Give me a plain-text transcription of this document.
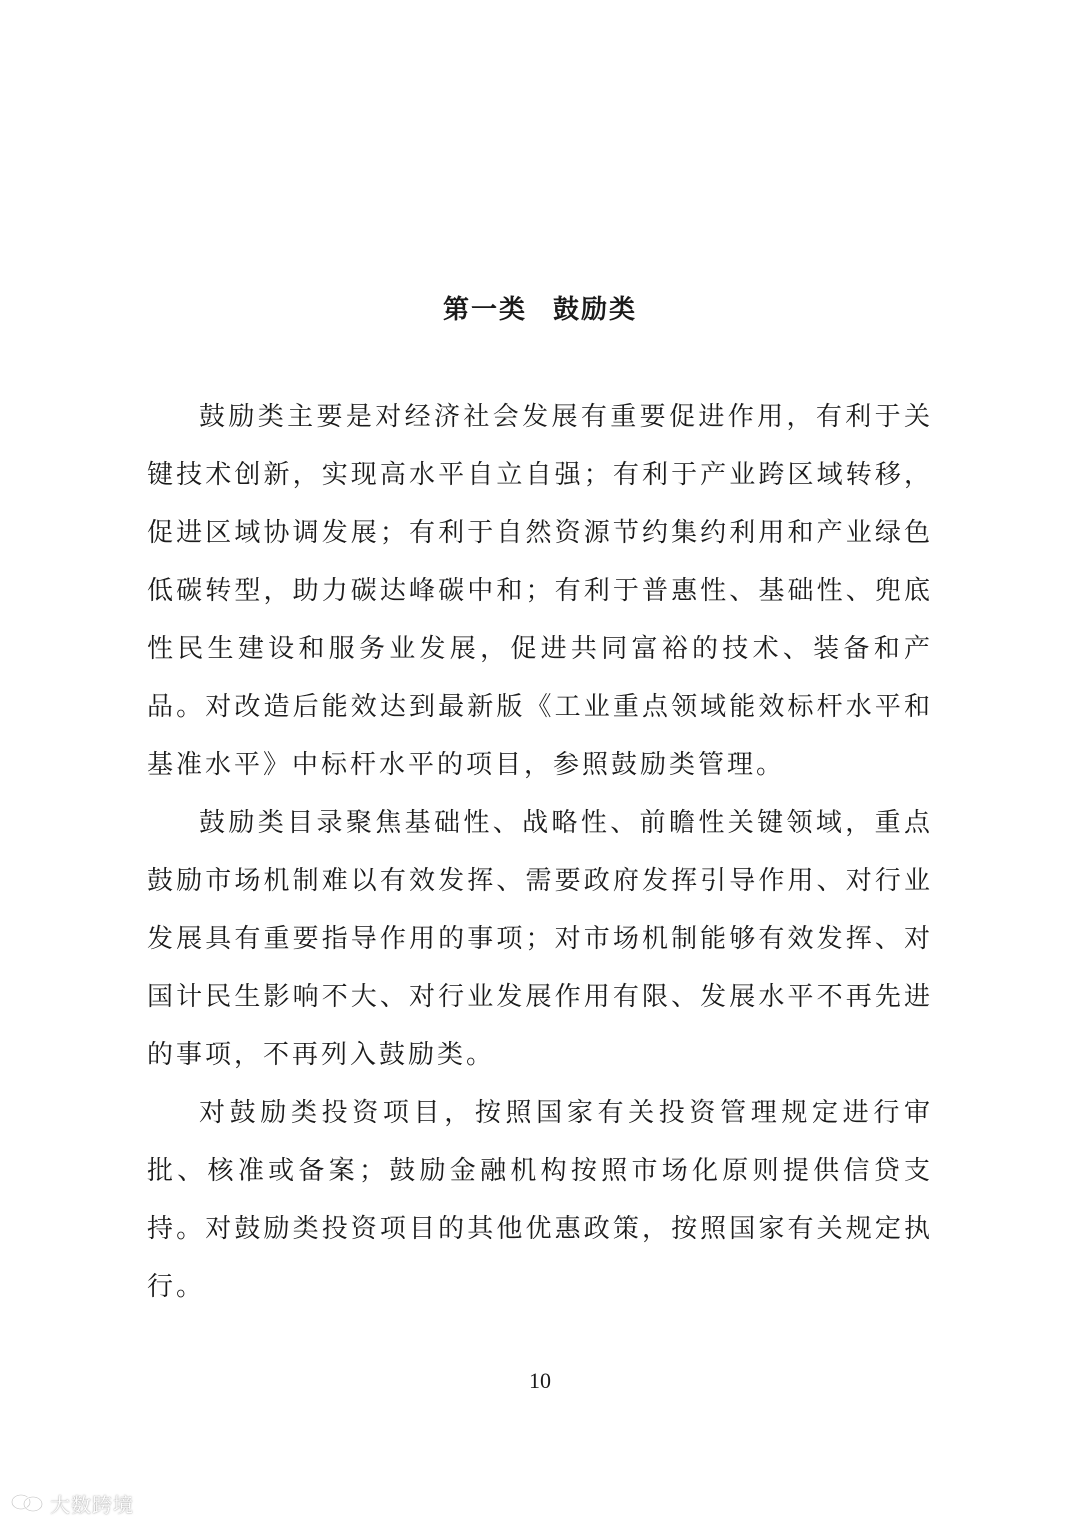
第一类 鼓励类

鼓励类主要是对经济社会发展有重要促进作用，有利于关键技术创新，实现高水平自立自强；有利于产业跨区域转移，促进区域协调发展；有利于自然资源节约集约利用和产业绿色低碳转型，助力碳达峰碳中和；有利于普惠性、基础性、兜底性民生建设和服务业发展，促进共同富裕的技术、装备和产品。对改造后能效达到最新版《工业重点领域能效标杆水平和基准水平》中标杆水平的项目，参照鼓励类管理。

鼓励类目录聚焦基础性、战略性、前瞻性关键领域，重点鼓励市场机制难以有效发挥、需要政府发挥引导作用、对行业发展具有重要指导作用的事项；对市场机制能够有效发挥、对国计民生影响不大、对行业发展作用有限、发展水平不再先进的事项，不再列入鼓励类。

对鼓励类投资项目，按照国家有关投资管理规定进行审批、核准或备案；鼓励金融机构按照市场化原则提供信贷支持。对鼓励类投资项目的其他优惠政策，按照国家有关规定执行。

10
大数跨境
